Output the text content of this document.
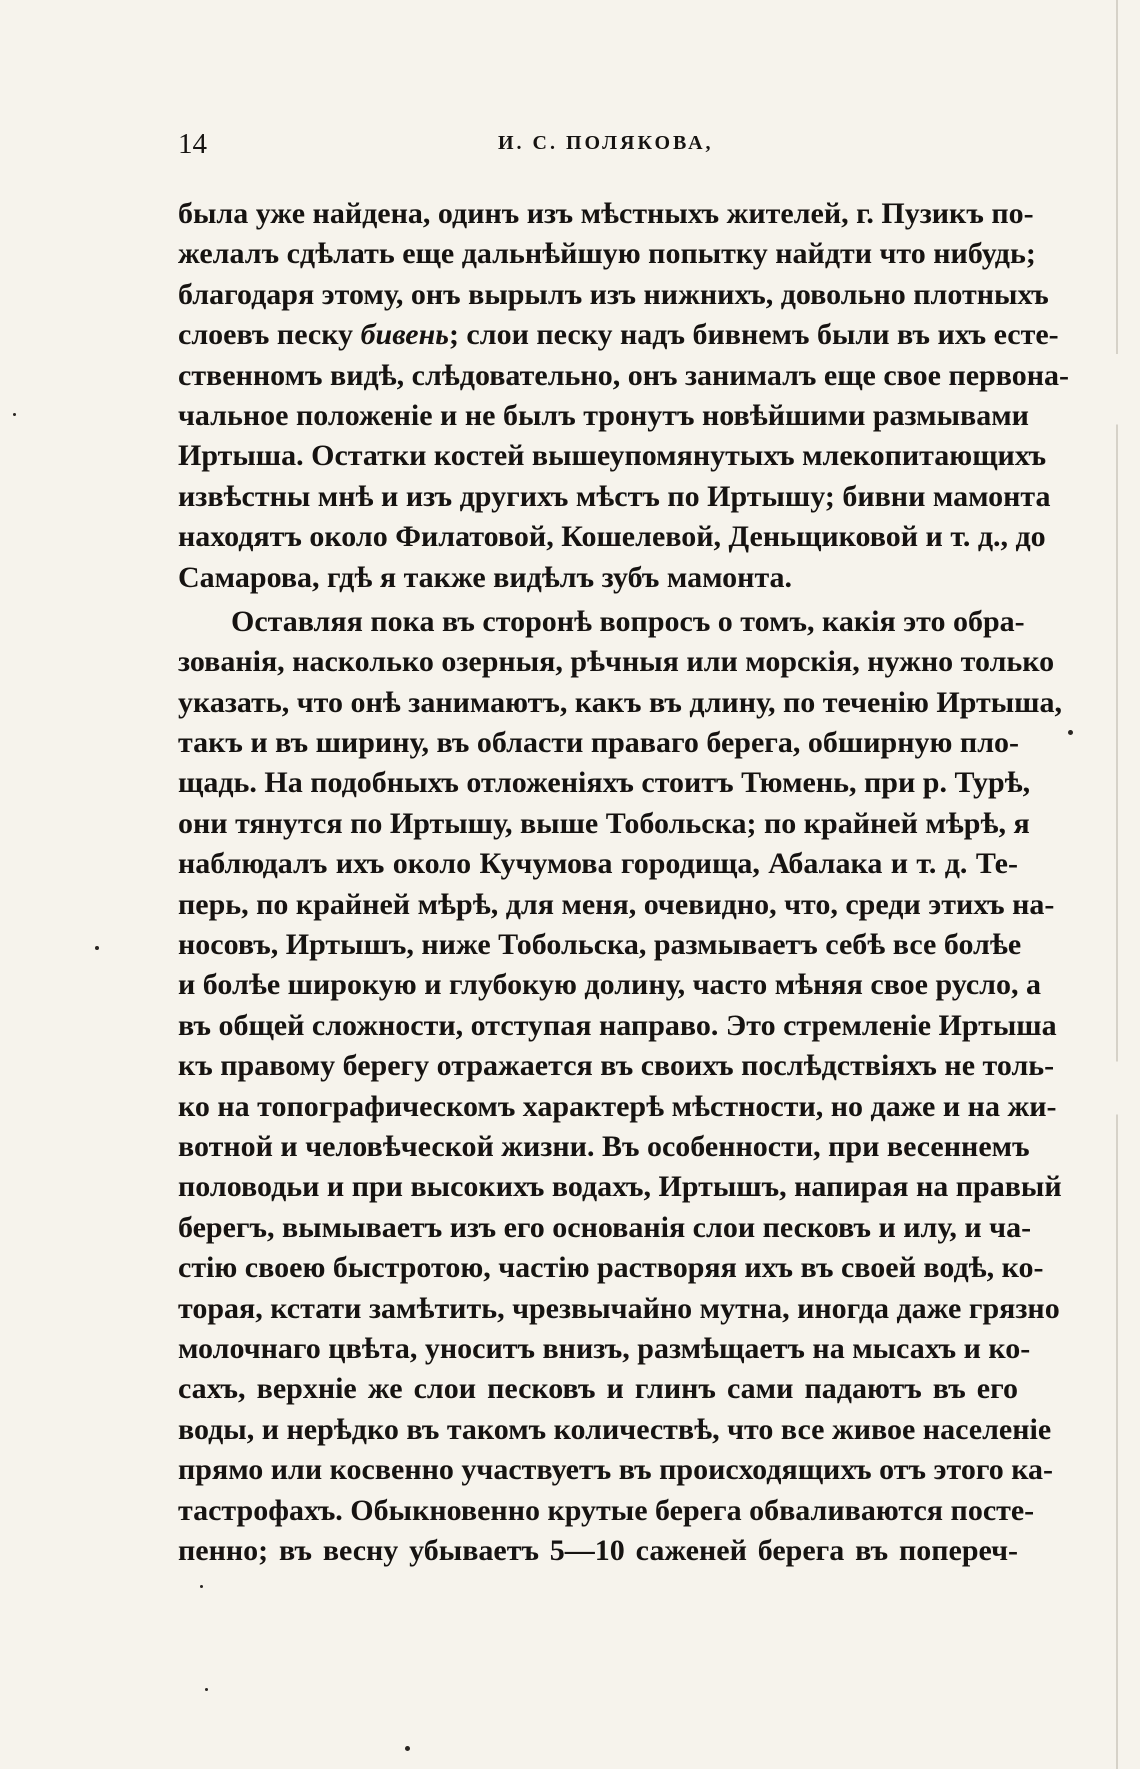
14	И. С. ПОЛЯКОВА,
была уже найдена, одинъ изъ мѣстныхъ жителей, г. Пузикъ по-
желалъ сдѣлать еще дальнѣйшую попытку найдти что нибудь;
благодаря этому, онъ вырылъ изъ нижнихъ, довольно плотныхъ
слоевъ песку бивень; слои песку надъ бивнемъ были въ ихъ есте-
ственномъ видѣ, слѣдовательно, онъ занималъ еще свое первона-
чальное положеніе и не былъ тронутъ новѣйшими размывами
Иртыша. Остатки костей вышеупомянутыхъ млекопитающихъ
извѣстны мнѣ и изъ другихъ мѣстъ по Иртышу; бивни мамонта
находятъ около Филатовой, Кошелевой, Деньщиковой и т. д., до
Самарова, гдѣ я также видѣлъ зубъ мамонта.
Оставляя пока въ сторонѣ вопросъ о томъ, какія это обра-
зованія, насколько озерныя, рѣчныя или морскія, нужно только
указать, что онѣ занимаютъ, какъ въ длину, по теченію Иртыша,
такъ и въ ширину, въ области праваго берега, обширную пло-
щадь. На подобныхъ отложеніяхъ стоитъ Тюмень, при р. Турѣ,
они тянутся по Иртышу, выше Тобольска; по крайней мѣрѣ, я
наблюдалъ ихъ около Кучумова городища, Абалака и т. д. Те-
перь, по крайней мѣрѣ, для меня, очевидно, что, среди этихъ на-
носовъ, Иртышъ, ниже Тобольска, размываетъ себѣ все болѣе
и болѣе широкую и глубокую долину, часто мѣняя свое русло, а
въ общей сложности, отступая направо. Это стремленіе Иртыша
къ правому берегу отражается въ своихъ послѣдствіяхъ не толь-
ко на топографическомъ характерѣ мѣстности, но даже и на жи-
вотной и человѣческой жизни. Въ особенности, при весеннемъ
половодьи и при высокихъ водахъ, Иртышъ, напирая на правый
берегъ, вымываетъ изъ его основанія слои песковъ и илу, и ча-
стію своею быстротою, частію растворяя ихъ въ своей водѣ, ко-
торая, кстати замѣтить, чрезвычайно мутна, иногда даже грязно
молочнаго цвѣта, уноситъ внизъ, размѣщаетъ на мысахъ и ко-
сахъ, верхніе же слои песковъ и глинъ сами падаютъ въ его
воды, и нерѣдко въ такомъ количествѣ, что все живое населеніе
прямо или косвенно участвуетъ въ происходящихъ отъ этого ка-
тастрофахъ. Обыкновенно крутые берега обваливаются посте-
пенно; въ весну убываетъ 5—10 саженей берега въ попереч-
